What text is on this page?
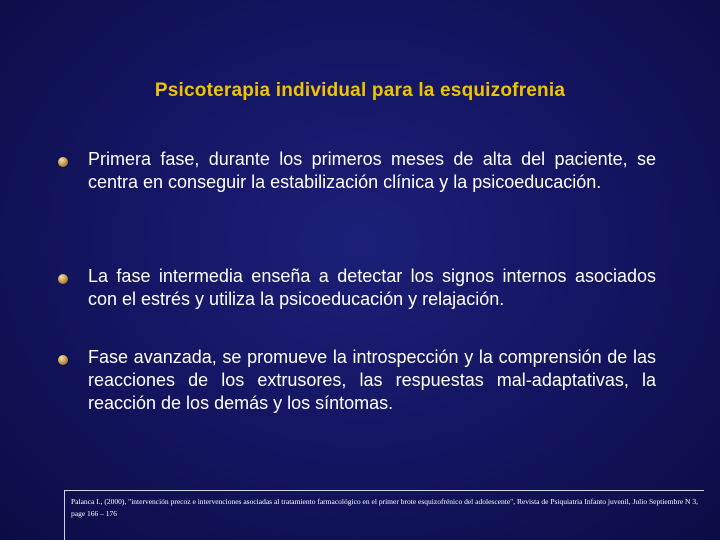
Psicoterapia individual para la esquizofrenia
Primera fase, durante los primeros meses de alta del paciente, se centra en conseguir la estabilización clínica y la psicoeducación.
La fase intermedia enseña a detectar los signos internos asociados con el estrés y utiliza la psicoeducación y relajación.
Fase avanzada, se promueve la introspección y la comprensión de las reacciones de los extrusores, las respuestas mal-adaptativas, la reacción de los demás y los síntomas.
Palanca I., (2000), "intervención precoz e intervenciones asociadas al tratamiento farmacológico en el primer brote esquizofrénico del adolescente", Revista de Psiquiatria Infanto juvenil, Julio Septiembre N 3, page 166 – 176
